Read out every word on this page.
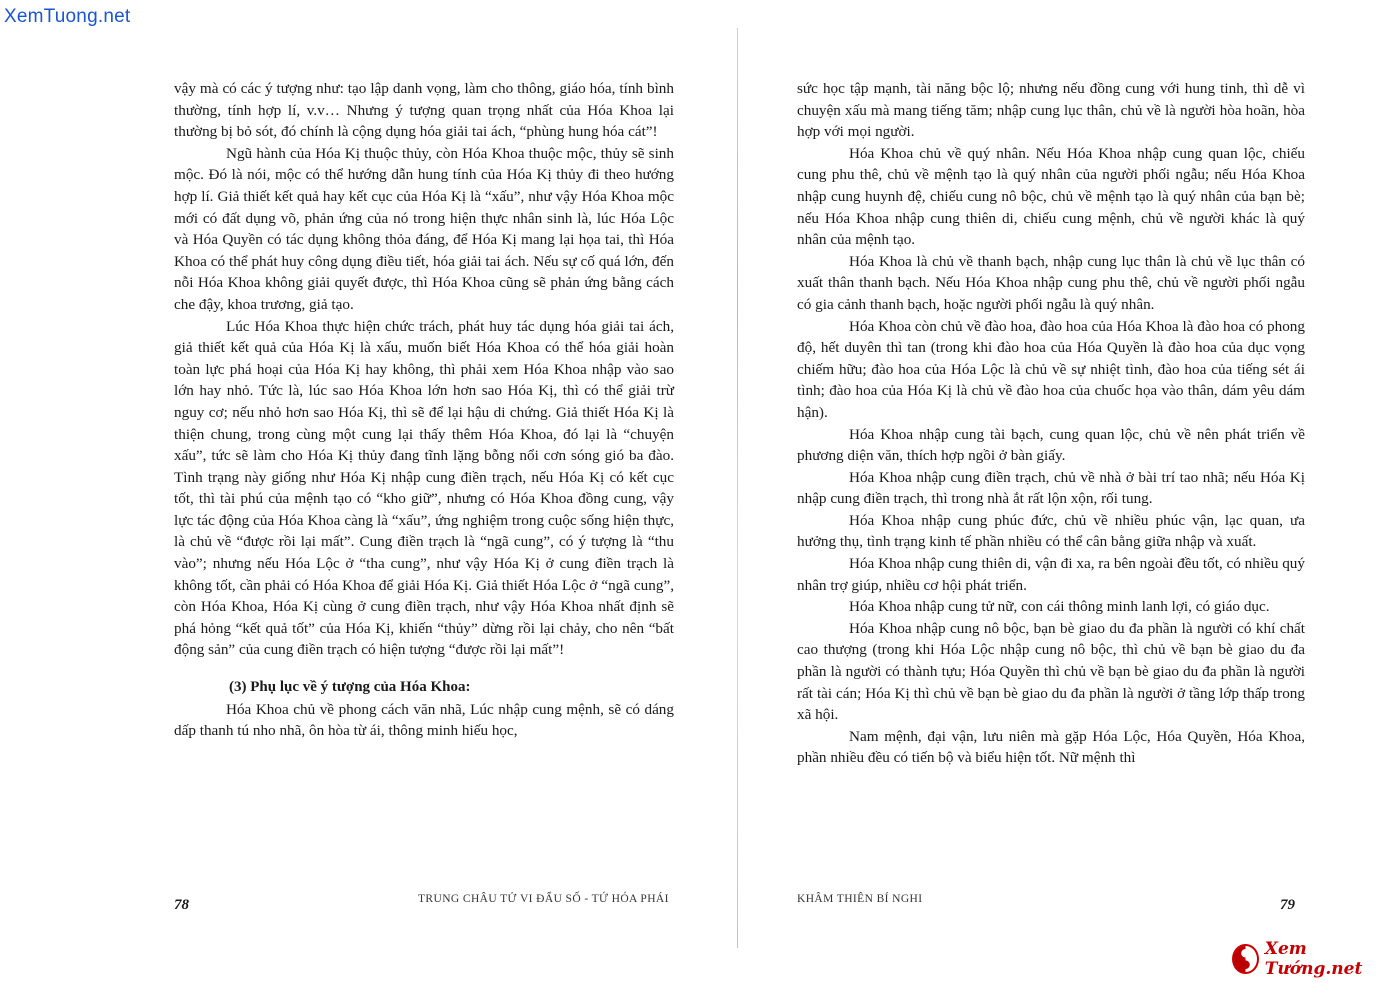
XemTuong.net

vậy mà có các ý tượng như: tạo lập danh vọng, làm cho thông, giáo hóa, tính bình thường, tính hợp lí, v.v… Nhưng ý tượng quan trọng nhất của Hóa Khoa lại thường bị bỏ sót, đó chính là cộng dụng hóa giải tai ách, “phùng hung hóa cát”!

Ngũ hành của Hóa Kị thuộc thủy, còn Hóa Khoa thuộc mộc, thủy sẽ sinh mộc. Đó là nói, mộc có thể hướng dẫn hung tính của Hóa Kị thủy đi theo hướng hợp lí. Giả thiết kết quả hay kết cục của Hóa Kị là “xấu”, như vậy Hóa Khoa mộc mới có đất dụng võ, phản ứng của nó trong hiện thực nhân sinh là, lúc Hóa Lộc và Hóa Quyền có tác dụng không thỏa đáng, để Hóa Kị mang lại họa tai, thì Hóa Khoa có thể phát huy công dụng điều tiết, hóa giải tai ách. Nếu sự cố quá lớn, đến nỗi Hóa Khoa không giải quyết được, thì Hóa Khoa cũng sẽ phản ứng bằng cách che đậy, khoa trương, giả tạo.

Lúc Hóa Khoa thực hiện chức trách, phát huy tác dụng hóa giải tai ách, giả thiết kết quả của Hóa Kị là xấu, muốn biết Hóa Khoa có thể hóa giải hoàn toàn lực phá hoại của Hóa Kị hay không, thì phải xem Hóa Khoa nhập vào sao lớn hay nhỏ. Tức là, lúc sao Hóa Khoa lớn hơn sao Hóa Kị, thì có thể giải trừ nguy cơ; nếu nhỏ hơn sao Hóa Kị, thì sẽ để lại hậu di chứng. Giả thiết Hóa Kị là thiện chung, trong cùng một cung lại thấy thêm Hóa Khoa, đó lại là “chuyện xấu”, tức sẽ làm cho Hóa Kị thủy đang tĩnh lặng bỗng nổi cơn sóng gió ba đào. Tình trạng này giống như Hóa Kị nhập cung điền trạch, nếu Hóa Kị có kết cục tốt, thì tài phú của mệnh tạo có “kho giữ”, nhưng có Hóa Khoa đồng cung, vậy lực tác động của Hóa Khoa càng là “xấu”, ứng nghiệm trong cuộc sống hiện thực, là chủ về “được rồi lại mất”. Cung điền trạch là “ngã cung”, có ý tượng là “thu vào”; nhưng nếu Hóa Lộc ở “tha cung”, như vậy Hóa Kị ở cung điền trạch là không tốt, cần phải có Hóa Khoa để giải Hóa Kị. Giả thiết Hóa Lộc ở “ngã cung”, còn Hóa Khoa, Hóa Kị cùng ở cung điền trạch, như vậy Hóa Khoa nhất định sẽ phá hỏng “kết quả tốt” của Hóa Kị, khiến “thủy” dừng rồi lại chảy, cho nên “bất động sản” của cung điền trạch có hiện tượng “được rồi lại mất”!

(3) Phụ lục về ý tượng của Hóa Khoa:

Hóa Khoa chủ về phong cách văn nhã, Lúc nhập cung mệnh, sẽ có dáng dấp thanh tú nho nhã, ôn hòa từ ái, thông minh hiếu học,

sức học tập mạnh, tài năng bộc lộ; nhưng nếu đồng cung với hung tinh, thì dễ vì chuyện xấu mà mang tiếng tăm; nhập cung lục thân, chủ về là người hòa hoãn, hòa hợp với mọi người.

Hóa Khoa chủ về quý nhân. Nếu Hóa Khoa nhập cung quan lộc, chiếu cung phu thê, chủ về mệnh tạo là quý nhân của người phối ngẫu; nếu Hóa Khoa nhập cung huynh đệ, chiếu cung nô bộc, chủ về mệnh tạo là quý nhân của bạn bè; nếu Hóa Khoa nhập cung thiên di, chiếu cung mệnh, chủ về người khác là quý nhân của mệnh tạo.

Hóa Khoa là chủ về thanh bạch, nhập cung lục thân là chủ về lục thân có xuất thân thanh bạch. Nếu Hóa Khoa nhập cung phu thê, chủ về người phối ngẫu có gia cảnh thanh bạch, hoặc người phối ngẫu là quý nhân.

Hóa Khoa còn chủ về đào hoa, đào hoa của Hóa Khoa là đào hoa có phong độ, hết duyên thì tan (trong khi đào hoa của Hóa Quyền là đào hoa của dục vọng chiếm hữu; đào hoa của Hóa Lộc là chủ về sự nhiệt tình, đào hoa của tiếng sét ái tình; đào hoa của Hóa Kị là chủ về đào hoa của chuốc họa vào thân, dám yêu dám hận).

Hóa Khoa nhập cung tài bạch, cung quan lộc, chủ về nên phát triển về phương diện văn, thích hợp ngồi ở bàn giấy.

Hóa Khoa nhập cung điền trạch, chủ về nhà ở bài trí tao nhã; nếu Hóa Kị nhập cung điền trạch, thì trong nhà ắt rất lộn xộn, rối tung.

Hóa Khoa nhập cung phúc đức, chủ về nhiều phúc vận, lạc quan, ưa hưởng thụ, tình trạng kinh tế phần nhiều có thể cân bằng giữa nhập và xuất.

Hóa Khoa nhập cung thiên di, vận đi xa, ra bên ngoài đều tốt, có nhiều quý nhân trợ giúp, nhiều cơ hội phát triển.

Hóa Khoa nhập cung tử nữ, con cái thông minh lanh lợi, có giáo dục.

Hóa Khoa nhập cung nô bộc, bạn bè giao du đa phần là người có khí chất cao thượng (trong khi Hóa Lộc nhập cung nô bộc, thì chủ về bạn bè giao du đa phần là người có thành tựu; Hóa Quyền thì chủ về bạn bè giao du đa phần là người rất tài cán; Hóa Kị thì chủ về bạn bè giao du đa phần là người ở tầng lớp thấp trong xã hội.

Nam mệnh, đại vận, lưu niên mà gặp Hóa Lộc, Hóa Quyền, Hóa Khoa, phần nhiều đều có tiến bộ và biểu hiện tốt. Nữ mệnh thì

78	TRUNG CHÂU TỬ VI ĐẨU SỐ - TỨ HÓA PHÁI	KHÂM THIÊN BÍ NGHI	79
Xem Tướng.net
